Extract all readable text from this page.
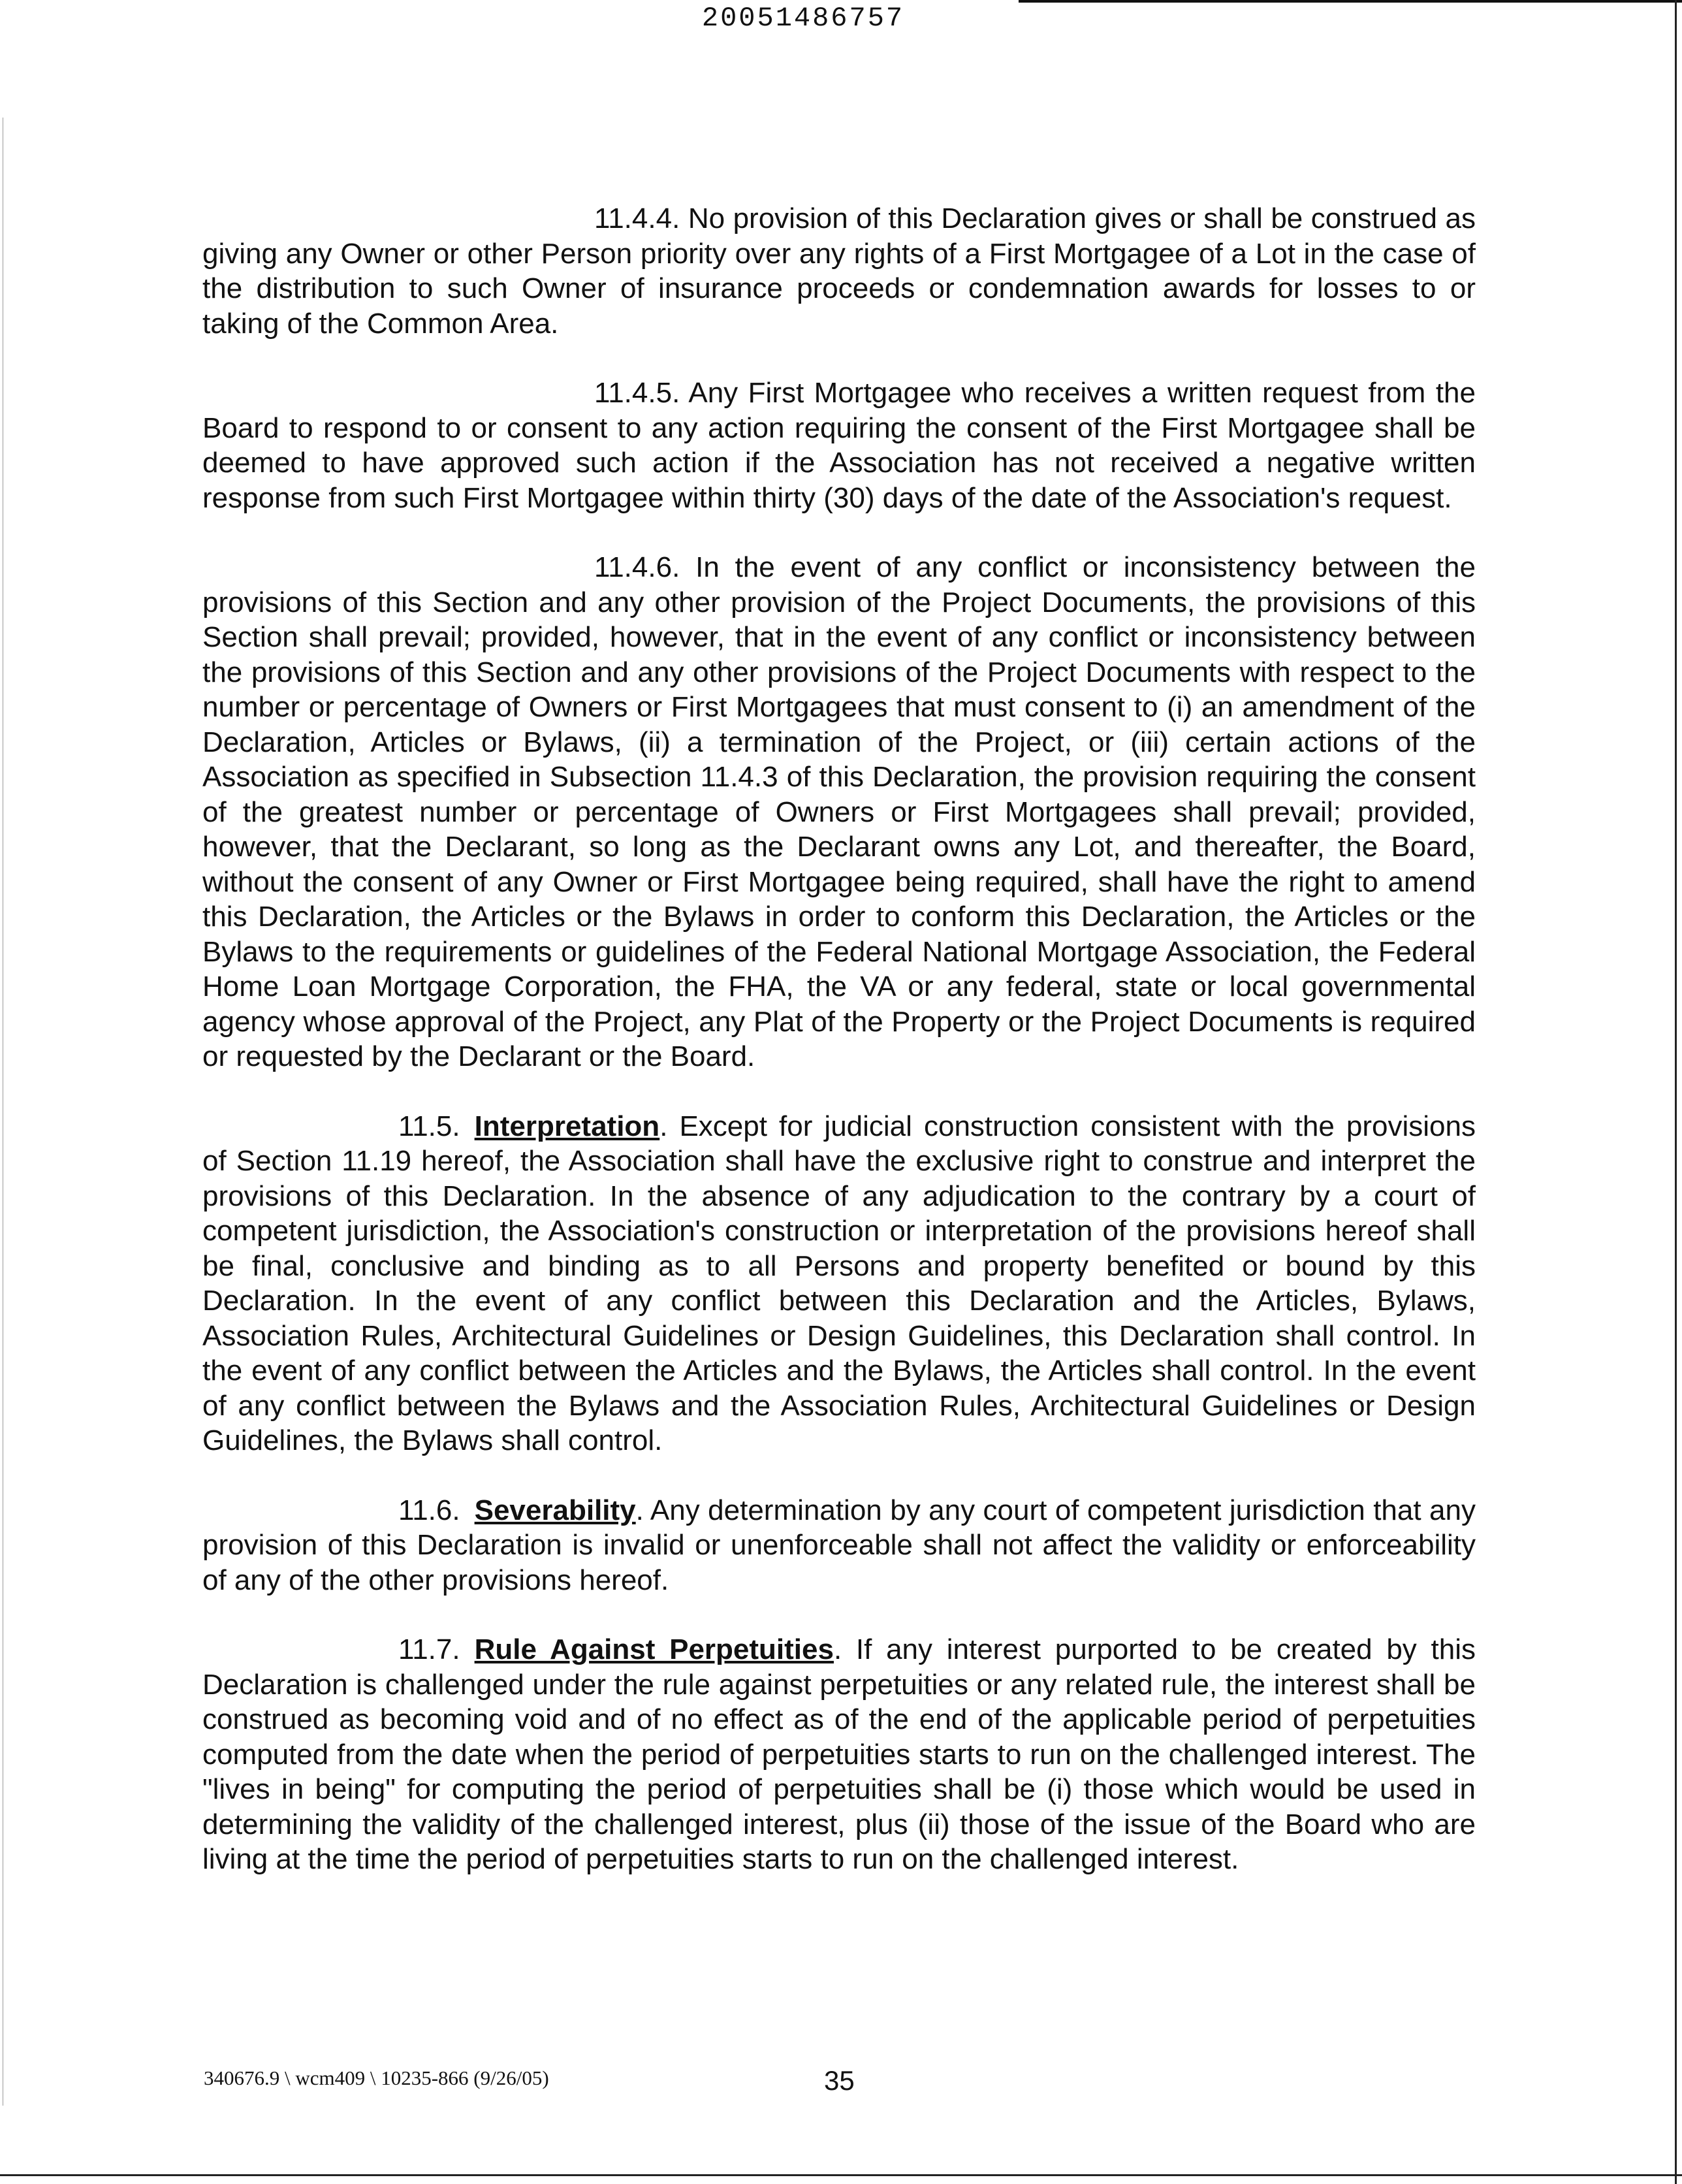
20051486757

11.4.4. No provision of this Declaration gives or shall be construed as giving any Owner or other Person priority over any rights of a First Mortgagee of a Lot in the case of the distribution to such Owner of insurance proceeds or condemnation awards for losses to or taking of the Common Area.

11.4.5. Any First Mortgagee who receives a written request from the Board to respond to or consent to any action requiring the consent of the First Mortgagee shall be deemed to have approved such action if the Association has not received a negative written response from such First Mortgagee within thirty (30) days of the date of the Association's request.

11.4.6. In the event of any conflict or inconsistency between the provisions of this Section and any other provision of the Project Documents, the provisions of this Section shall prevail; provided, however, that in the event of any conflict or inconsistency between the provisions of this Section and any other provisions of the Project Documents with respect to the number or percentage of Owners or First Mortgagees that must consent to (i) an amendment of the Declaration, Articles or Bylaws, (ii) a termination of the Project, or (iii) certain actions of the Association as specified in Subsection 11.4.3 of this Declaration, the provision requiring the consent of the greatest number or percentage of Owners or First Mortgagees shall prevail; provided, however, that the Declarant, so long as the Declarant owns any Lot, and thereafter, the Board, without the consent of any Owner or First Mortgagee being required, shall have the right to amend this Declaration, the Articles or the Bylaws in order to conform this Declaration, the Articles or the Bylaws to the requirements or guidelines of the Federal National Mortgage Association, the Federal Home Loan Mortgage Corporation, the FHA, the VA or any federal, state or local governmental agency whose approval of the Project, any Plat of the Property or the Project Documents is required or requested by the Declarant or the Board.

11.5. Interpretation. Except for judicial construction consistent with the provisions of Section 11.19 hereof, the Association shall have the exclusive right to construe and interpret the provisions of this Declaration. In the absence of any adjudication to the contrary by a court of competent jurisdiction, the Association's construction or interpretation of the provisions hereof shall be final, conclusive and binding as to all Persons and property benefited or bound by this Declaration. In the event of any conflict between this Declaration and the Articles, Bylaws, Association Rules, Architectural Guidelines or Design Guidelines, this Declaration shall control. In the event of any conflict between the Articles and the Bylaws, the Articles shall control. In the event of any conflict between the Bylaws and the Association Rules, Architectural Guidelines or Design Guidelines, the Bylaws shall control.

11.6. Severability. Any determination by any court of competent jurisdiction that any provision of this Declaration is invalid or unenforceable shall not affect the validity or enforceability of any of the other provisions hereof.

11.7. Rule Against Perpetuities. If any interest purported to be created by this Declaration is challenged under the rule against perpetuities or any related rule, the interest shall be construed as becoming void and of no effect as of the end of the applicable period of perpetuities computed from the date when the period of perpetuities starts to run on the challenged interest. The "lives in being" for computing the period of perpetuities shall be (i) those which would be used in determining the validity of the challenged interest, plus (ii) those of the issue of the Board who are living at the time the period of perpetuities starts to run on the challenged interest.

340676.9 \ wcm409 \ 10235-866 (9/26/05)	35
